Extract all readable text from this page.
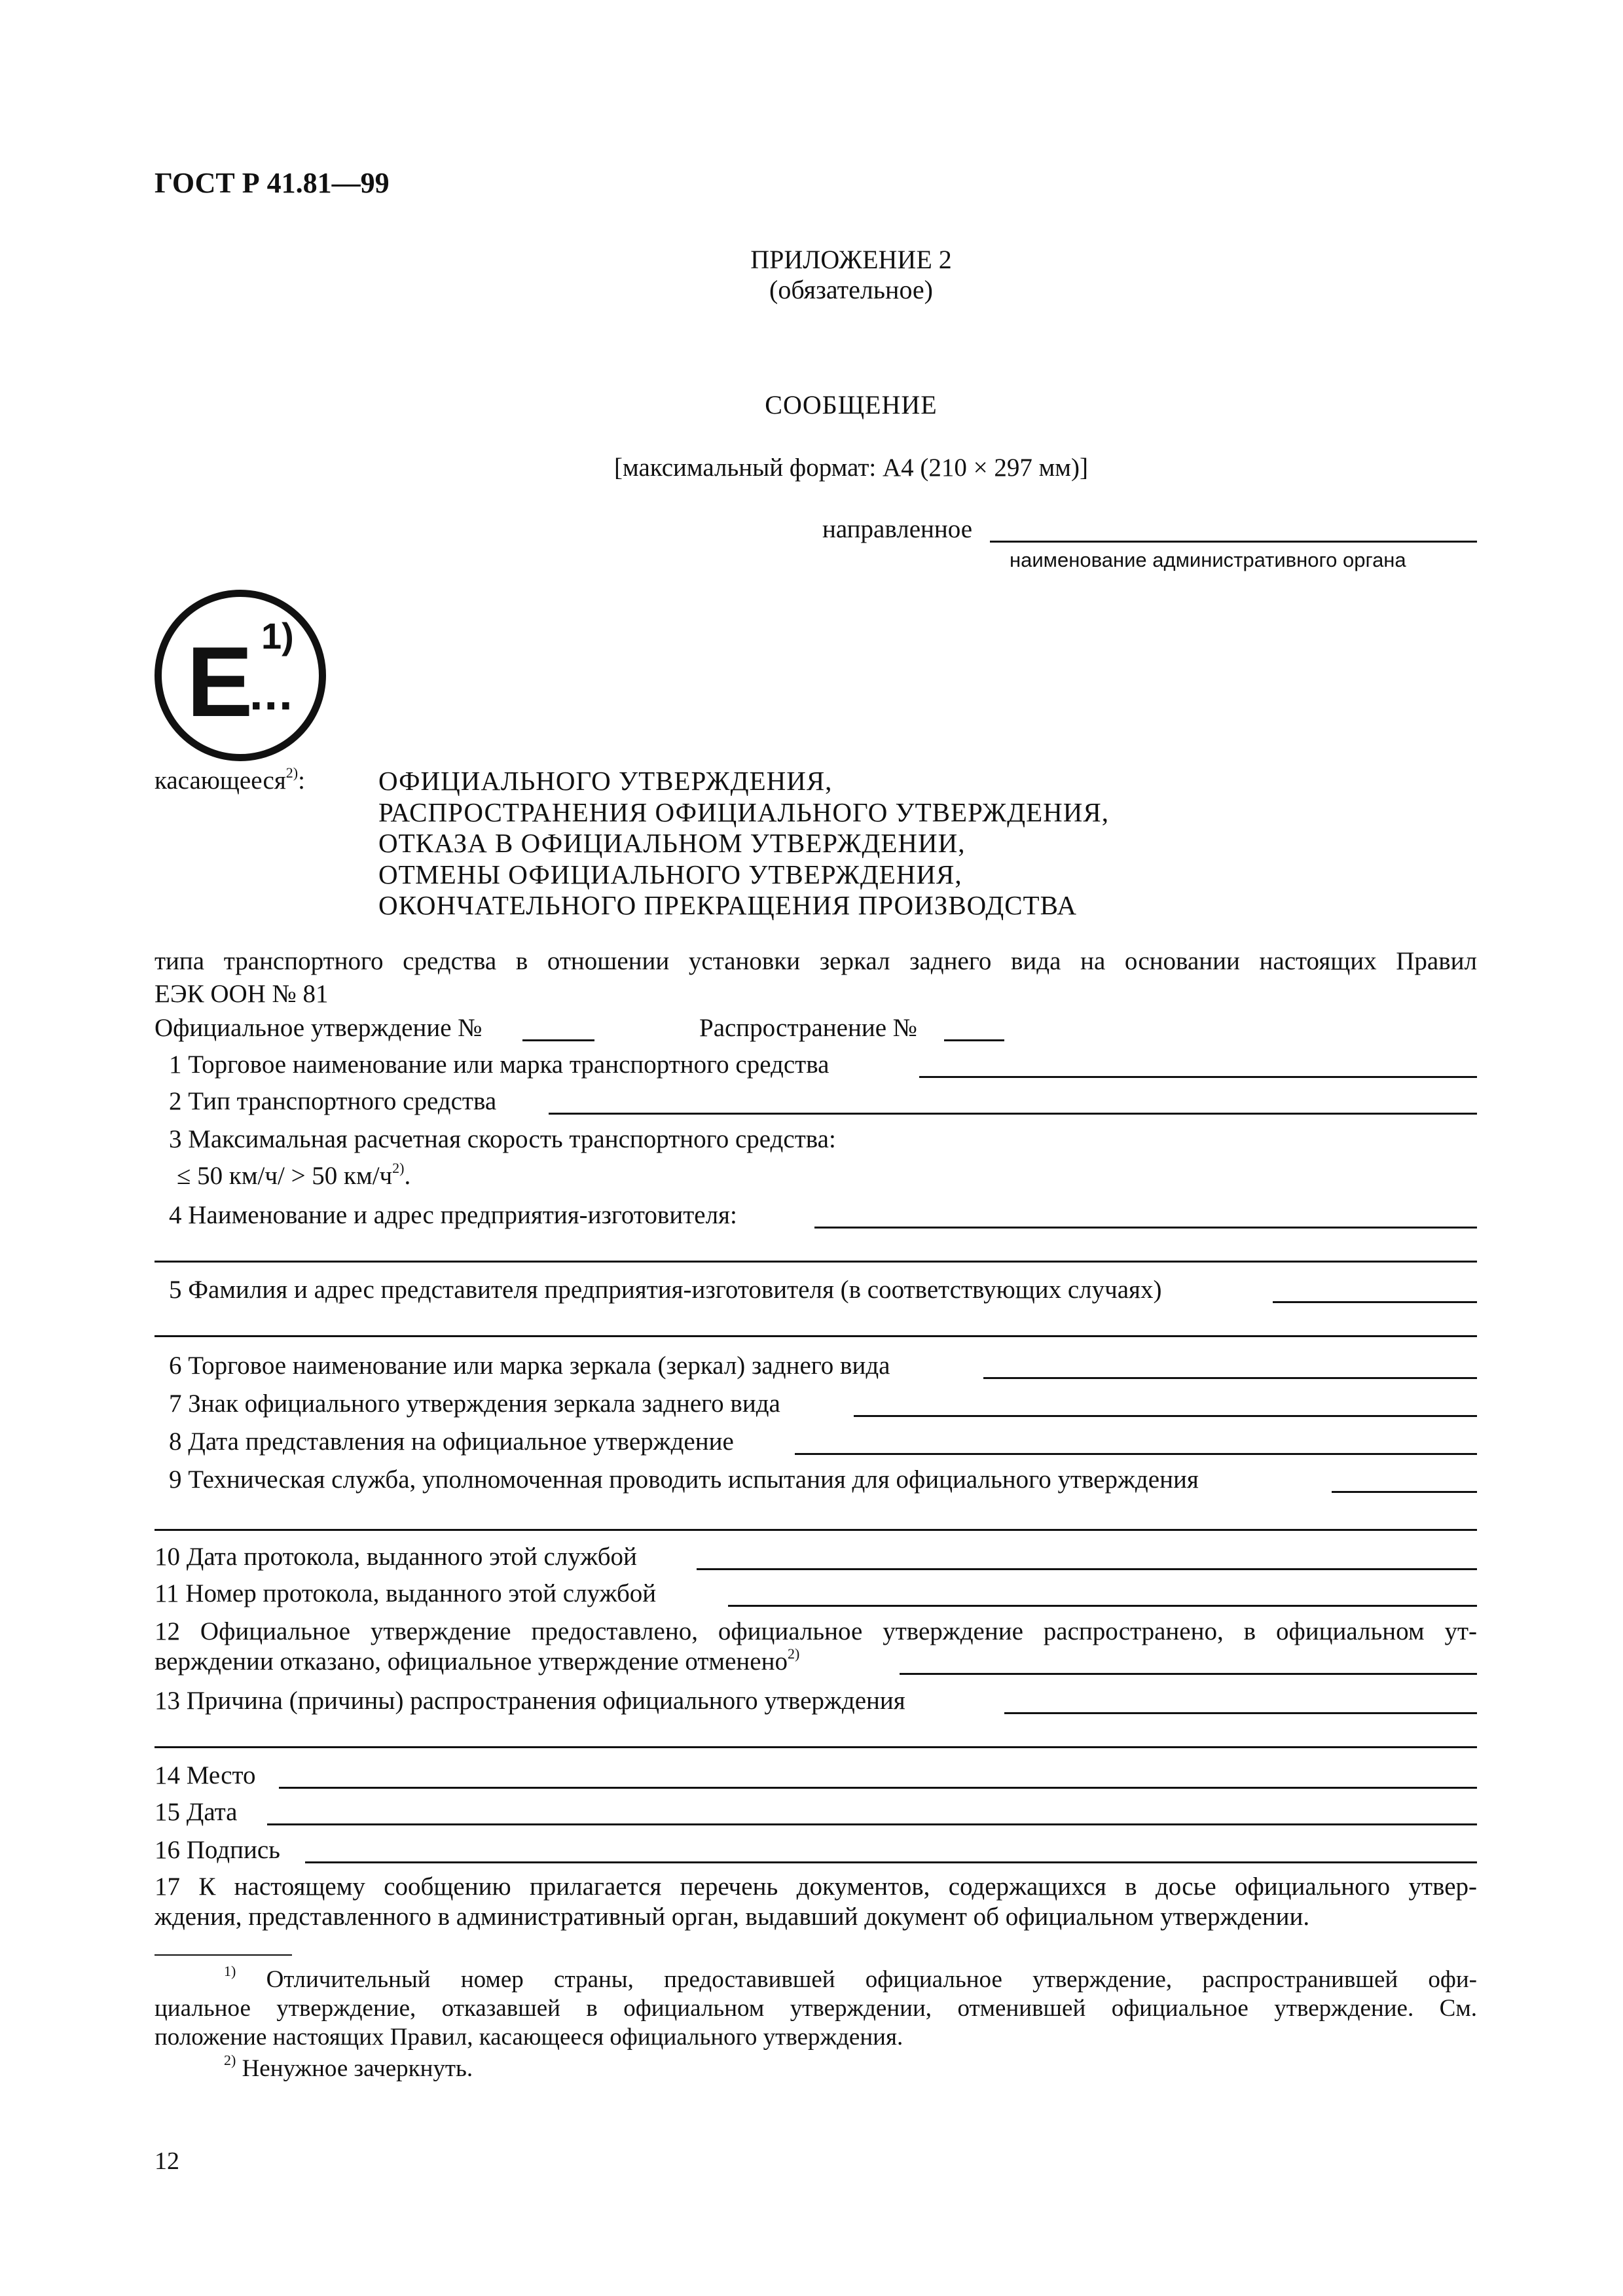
ГОСТ Р 41.81—99
ПРИЛОЖЕНИЕ 2
(обязательное)
СООБЩЕНИЕ
[максимальный формат: А4 (210 × 297 мм)]
направленное
наименование административного органа
E
...
1)
касающееся$^{2)}$:	ОФИЦИАЛЬНОГО УТВЕРЖДЕНИЯ,
РАСПРОСТРАНЕНИЯ ОФИЦИАЛЬНОГО УТВЕРЖДЕНИЯ,
ОТКАЗА В ОФИЦИАЛЬНОМ УТВЕРЖДЕНИИ,
ОТМЕНЫ ОФИЦИАЛЬНОГО УТВЕРЖДЕНИЯ,
ОКОНЧАТЕЛЬНОГО ПРЕКРАЩЕНИЯ ПРОИЗВОДСТВА
типа транспортного средства в отношении установки зеркал заднего вида на основании настоящих Правил
ЕЭК ООН № 81
Официальное утверждение №	Распространение №
1 Торговое наименование или марка транспортного средства
2 Тип транспортного средства
3 Максимальная расчетная скорость транспортного средства:
≤ 50 км/ч/ > 50 $км/ч^{2)}$.
4 Наименование и адрес предприятия-изготовителя:
5 Фамилия и адрес представителя предприятия-изготовителя (в соответствующих случаях)
6 Торговое наименование или марка зеркала (зеркал) заднего вида
7 Знак официального утверждения зеркала заднего вида
8 Дата представления на официальное утверждение
9 Техническая служба, уполномоченная проводить испытания для официального утверждения
10 Дата протокола, выданного этой службой
11 Номер протокола, выданного этой службой
12 Официальное утверждение предоставлено, официальное утверждение распространено, в официальном ут-
верждении отказано, официальное утверждение отменено$^{2)}$
13 Причина (причины) распространения официального утверждения
14 Место
15 Дата
16 Подпись
17 К настоящему сообщению прилагается перечень документов, содержащихся в досье официального утвер-
ждения, представленного в административный орган, выдавший документ об официальном утверждении.
$^{1)}$ Отличительный номер страны, предоставившей официальное утверждение, распространившей офи-
циальное утверждение, отказавшей в официальном утверждении, отменившей официальное утверждение. См.
положение настоящих Правил, касающееся официального утверждения.
$^{2)}$ Ненужное зачеркнуть.
12
